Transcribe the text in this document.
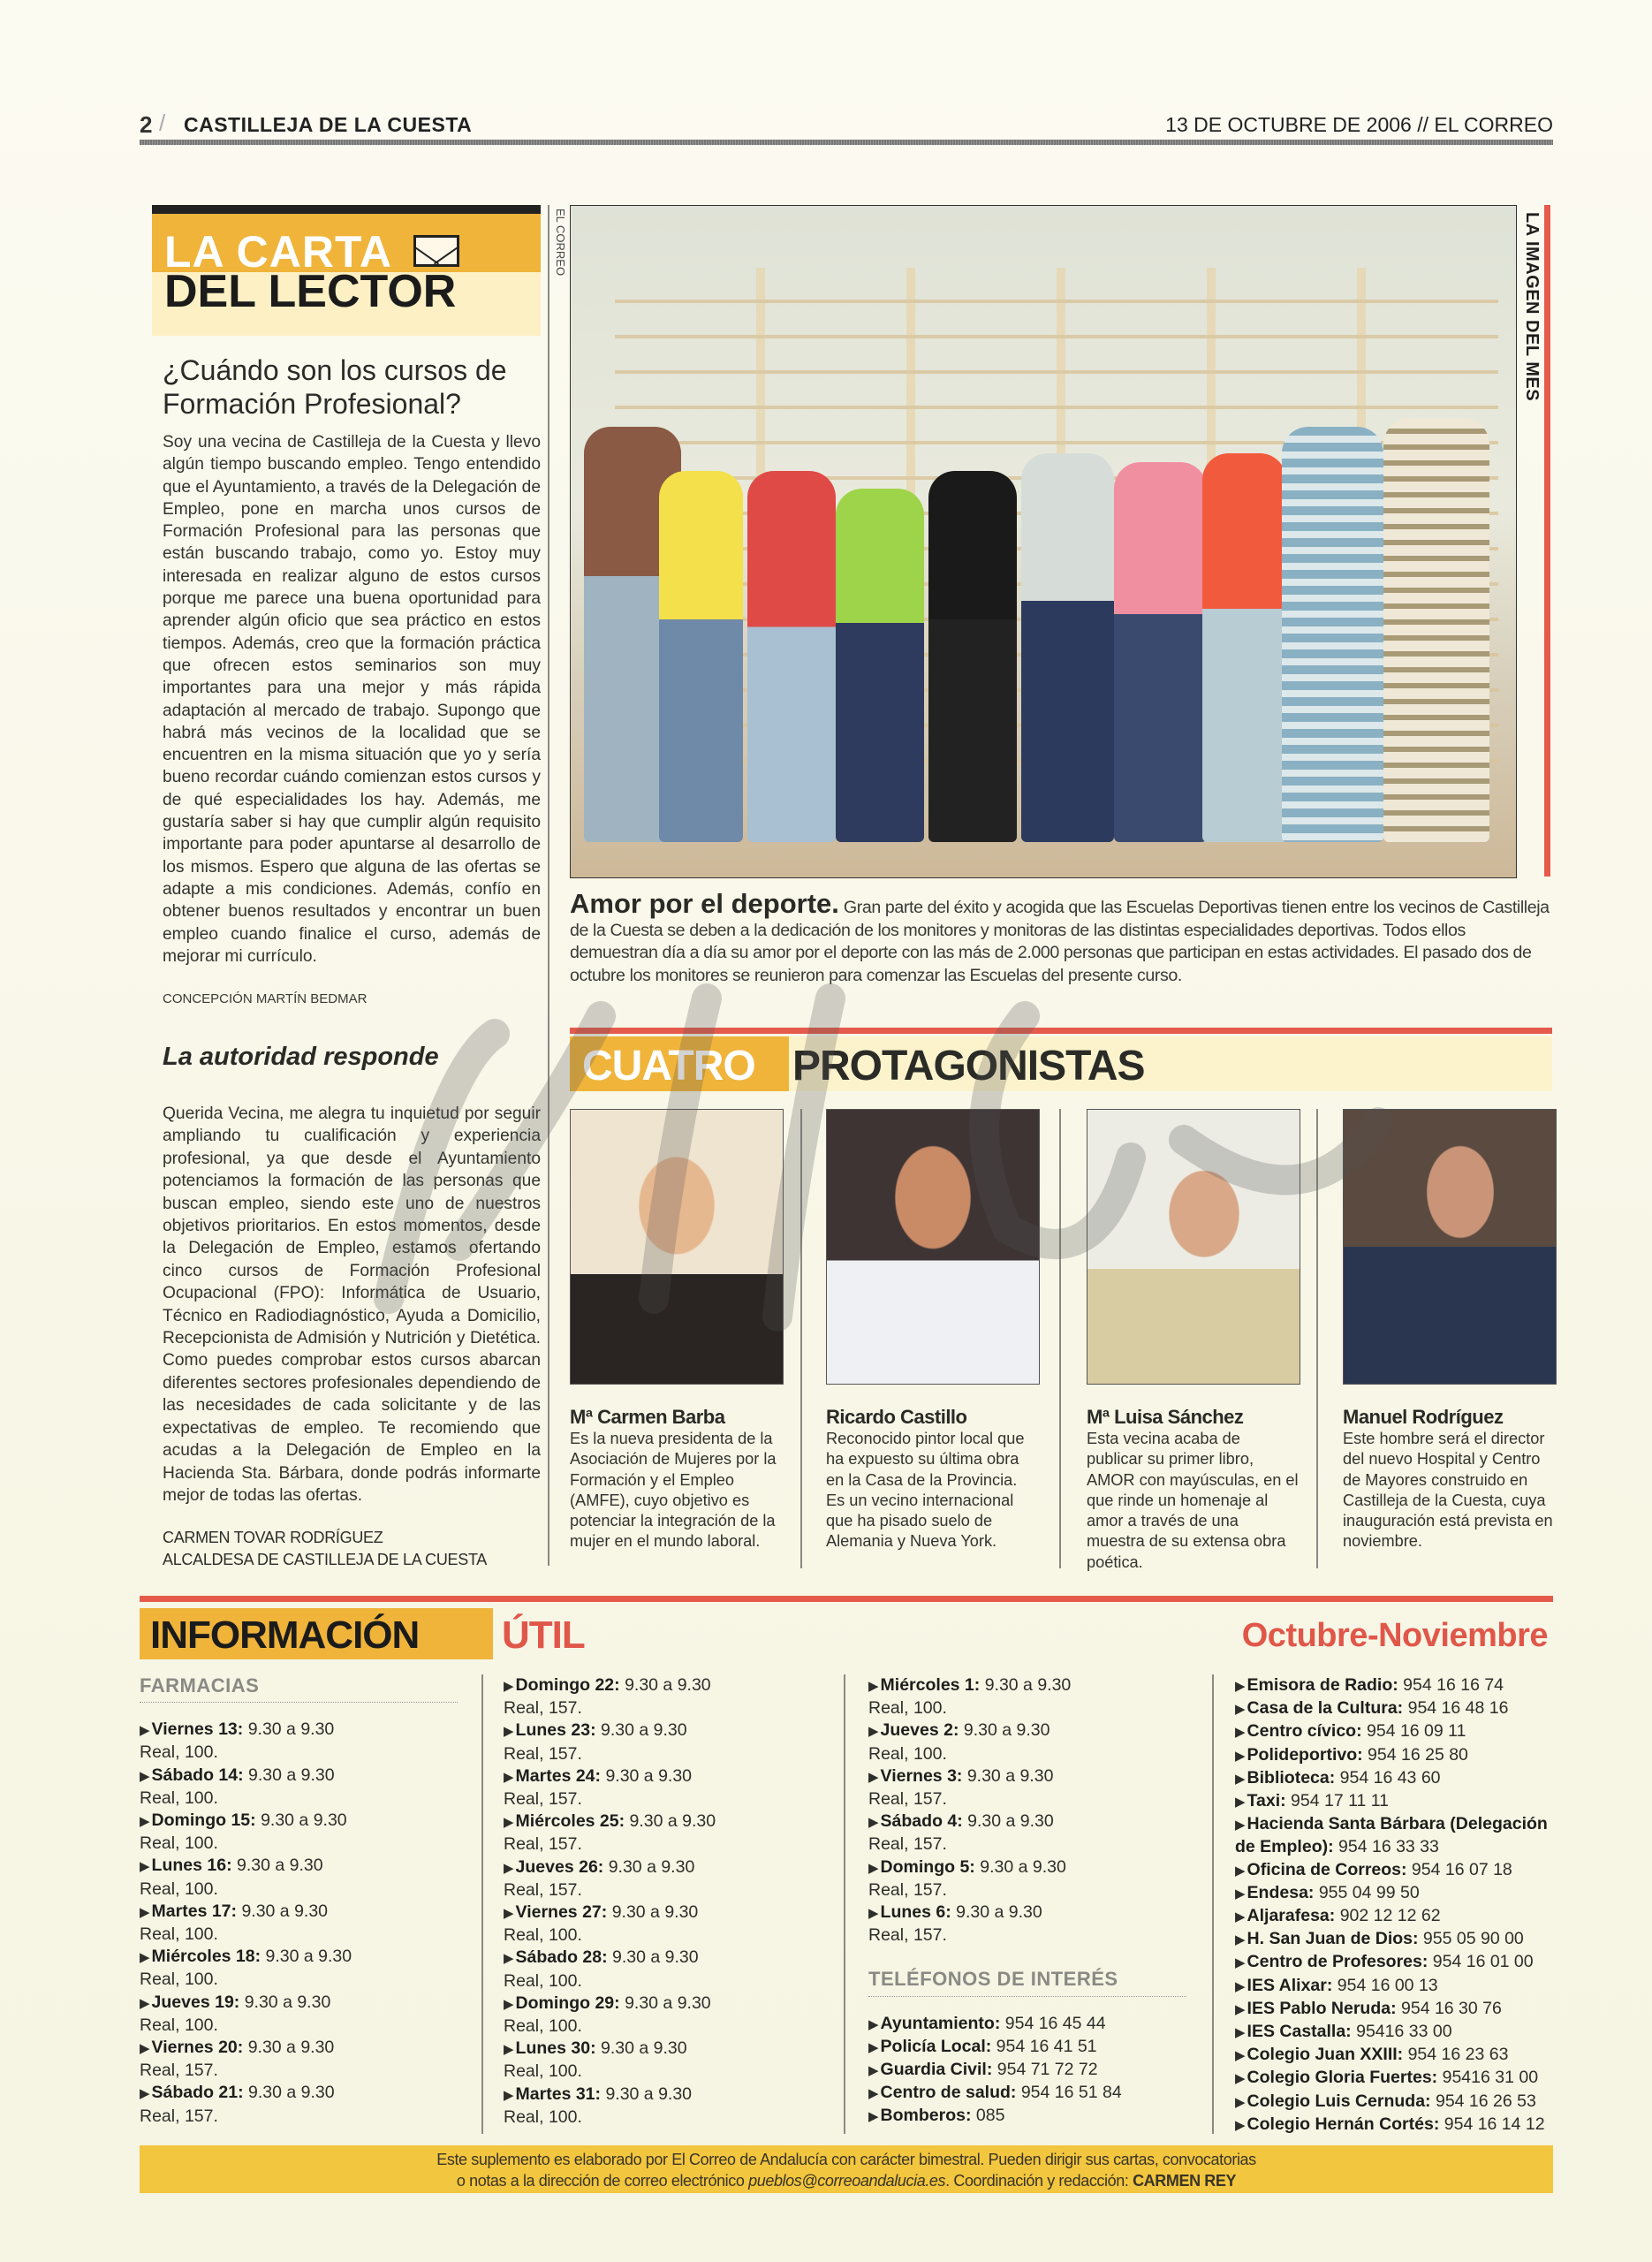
2 / CASTILLEJA DE LA CUESTA	13 DE OCTUBRE DE 2006 // EL CORREO
LA CARTA
DEL LECTOR
¿Cuándo son los cursos de Formación Profesional?
Soy una vecina de Castilleja de la Cuesta y llevo algún tiempo buscando empleo. Tengo entendido que el Ayuntamiento, a través de la Delegación de Empleo, pone en marcha unos cursos de Formación Profesional para las personas que están buscando trabajo, como yo. Estoy muy interesada en realizar alguno de estos cursos porque me parece una buena oportunidad para aprender algún oficio que sea práctico en estos tiempos. Además, creo que la formación práctica que ofrecen estos seminarios son muy importantes para una mejor y más rápida adaptación al mercado de trabajo. Supongo que habrá más vecinos de la localidad que se encuentren en la misma situación que yo y sería bueno recordar cuándo comienzan estos cursos y de qué especialidades los hay. Además, me gustaría saber si hay que cumplir algún requisito importante para poder apuntarse al desarrollo de los mismos. Espero que alguna de las ofertas se adapte a mis condiciones. Además, confío en obtener buenos resultados y encontrar un buen empleo cuando finalice el curso, además de mejorar mi currículo.
CONCEPCIÓN MARTÍN BEDMAR
La autoridad responde
Querida Vecina, me alegra tu inquietud por seguir ampliando tu cualificación y experiencia profesional, ya que desde el Ayuntamiento potenciamos la formación de las personas que buscan empleo, siendo este uno de nuestros objetivos prioritarios. En estos momentos, desde la Delegación de Empleo, estamos ofertando cinco cursos de Formación Profesional Ocupacional (FPO): Informática de Usuario, Técnico en Radiodiagnóstico, Ayuda a Domicilio, Recepcionista de Admisión y Nutrición y Dietética. Como puedes comprobar estos cursos abarcan diferentes sectores profesionales dependiendo de las necesidades de cada solicitante y de las expectativas de empleo. Te recomiendo que acudas a la Delegación de Empleo en la Hacienda Sta. Bárbara, donde podrás informarte mejor de todas las ofertas.
CARMEN TOVAR RODRÍGUEZ
ALCALDESA DE CASTILLEJA DE LA CUESTA
EL CORREO	LA IMAGEN DEL MES
Amor por el deporte. Gran parte del éxito y acogida que las Escuelas Deportivas tienen entre los vecinos de Castilleja de la Cuesta se deben a la dedicación de los monitores y monitoras de las distintas especialidades deportivas. Todos ellos demuestran día a día su amor por el deporte con las más de 2.000 personas que participan en estas actividades. El pasado dos de octubre los monitores se reunieron para comenzar las Escuelas del presente curso.
CUATRO PROTAGONISTAS
Mª Carmen Barba
Es la nueva presidenta de la Asociación de Mujeres por la Formación y el Empleo (AMFE), cuyo objetivo es potenciar la integración de la mujer en el mundo laboral.
Ricardo Castillo
Reconocido pintor local que ha expuesto su última obra en la Casa de la Provincia. Es un vecino internacional que ha pisado suelo de Alemania y Nueva York.
Mª Luisa Sánchez
Esta vecina acaba de publicar su primer libro, AMOR con mayúsculas, en el que rinde un homenaje al amor a través de una muestra de su extensa obra poética.
Manuel Rodríguez
Este hombre será el director del nuevo Hospital y Centro de Mayores construido en Castilleja de la Cuesta, cuya inauguración está prevista en noviembre.
INFORMACIÓN ÚTIL	Octubre-Noviembre
FARMACIAS
▶ Viernes 13: 9.30 a 9.30
Real, 100.
▶ Sábado 14: 9.30 a 9.30
Real, 100.
▶ Domingo 15: 9.30 a 9.30
Real, 100.
▶ Lunes 16: 9.30 a 9.30
Real, 100.
▶ Martes 17: 9.30 a 9.30
Real, 100.
▶ Miércoles 18: 9.30 a 9.30
Real, 100.
▶ Jueves 19: 9.30 a 9.30
Real, 100.
▶ Viernes 20: 9.30 a 9.30
Real, 157.
▶ Sábado 21: 9.30 a 9.30
Real, 157.
▶ Domingo 22: 9.30 a 9.30
Real, 157.
▶ Lunes 23: 9.30 a 9.30
Real, 157.
▶ Martes 24: 9.30 a 9.30
Real, 157.
▶ Miércoles 25: 9.30 a 9.30
Real, 157.
▶ Jueves 26: 9.30 a 9.30
Real, 157.
▶ Viernes 27: 9.30 a 9.30
Real, 100.
▶ Sábado 28: 9.30 a 9.30
Real, 100.
▶ Domingo 29: 9.30 a 9.30
Real, 100.
▶ Lunes 30: 9.30 a 9.30
Real, 100.
▶ Martes 31: 9.30 a 9.30
Real, 100.
▶ Miércoles 1: 9.30 a 9.30
Real, 100.
▶ Jueves 2: 9.30 a 9.30
Real, 100.
▶ Viernes 3: 9.30 a 9.30
Real, 157.
▶ Sábado 4: 9.30 a 9.30
Real, 157.
▶ Domingo 5: 9.30 a 9.30
Real, 157.
▶ Lunes 6: 9.30 a 9.30
Real, 157.
TELÉFONOS DE INTERÉS
▶ Ayuntamiento: 954 16 45 44
▶ Policía Local: 954 16 41 51
▶ Guardia Civil: 954 71 72 72
▶ Centro de salud: 954 16 51 84
▶ Bomberos: 085
▶ Emisora de Radio: 954 16 16 74
▶ Casa de la Cultura: 954 16 48 16
▶ Centro cívico: 954 16 09 11
▶ Polideportivo: 954 16 25 80
▶ Biblioteca: 954 16 43 60
▶ Taxi: 954 17 11 11
▶ Hacienda Santa Bárbara (Delegación de Empleo): 954 16 33 33
▶ Oficina de Correos: 954 16 07 18
▶ Endesa: 955 04 99 50
▶ Aljarafesa: 902 12 12 62
▶ H. San Juan de Dios: 955 05 90 00
▶ Centro de Profesores: 954 16 01 00
▶ IES Alixar: 954 16 00 13
▶ IES Pablo Neruda: 954 16 30 76
▶ IES Castalla: 95416 33 00
▶ Colegio Juan XXIII: 954 16 23 63
▶ Colegio Gloria Fuertes: 95416 31 00
▶ Colegio Luis Cernuda: 954 16 26 53
▶ Colegio Hernán Cortés: 954 16 14 12
Este suplemento es elaborado por El Correo de Andalucía con carácter bimestral. Pueden dirigir sus cartas, convocatorias
o notas a la dirección de correo electrónico pueblos@correoandalucia.es. Coordinación y redacción: CARMEN REY
